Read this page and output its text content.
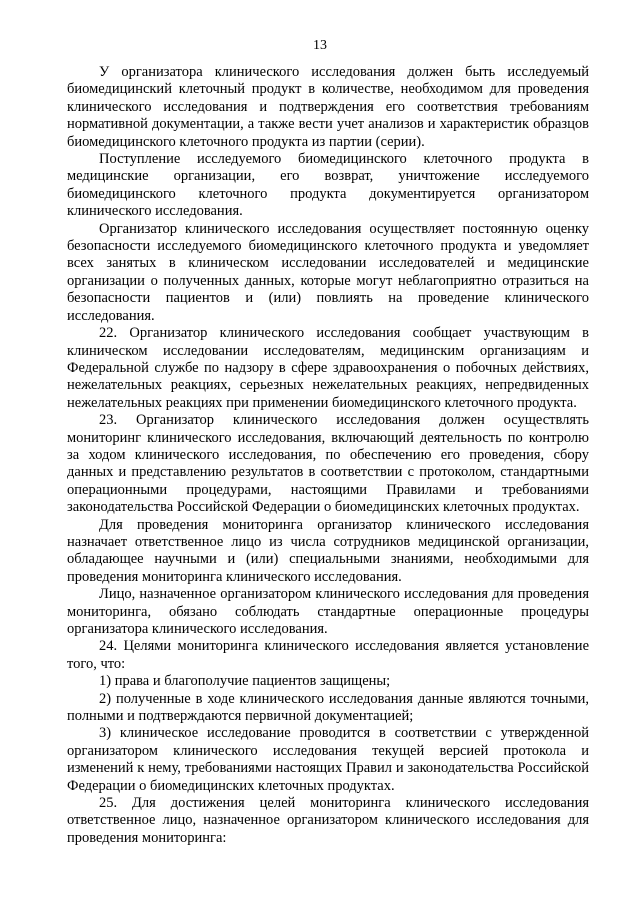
13

У организатора клинического исследования должен быть исследуемый биомедицинский клеточный продукт в количестве, необходимом для проведения клинического исследования и подтверждения его соответствия требованиям нормативной документации, а также вести учет анализов и характеристик образцов биомедицинского клеточного продукта из партии (серии).

Поступление исследуемого биомедицинского клеточного продукта в медицинские организации, его возврат, уничтожение исследуемого биомедицинского клеточного продукта документируется организатором клинического исследования.

Организатор клинического исследования осуществляет постоянную оценку безопасности исследуемого биомедицинского клеточного продукта и уведомляет всех занятых в клиническом исследовании исследователей и медицинские организации о полученных данных, которые могут неблагоприятно отразиться на безопасности пациентов и (или) повлиять на проведение клинического исследования.

22. Организатор клинического исследования сообщает участвующим в клиническом исследовании исследователям, медицинским организациям и Федеральной службе по надзору в сфере здравоохранения о побочных действиях, нежелательных реакциях, серьезных нежелательных реакциях, непредвиденных нежелательных реакциях при применении биомедицинского клеточного продукта.

23. Организатор клинического исследования должен осуществлять мониторинг клинического исследования, включающий деятельность по контролю за ходом клинического исследования, по обеспечению его проведения, сбору данных и представлению результатов в соответствии с протоколом, стандартными операционными процедурами, настоящими Правилами и требованиями законодательства Российской Федерации о биомедицинских клеточных продуктах.

Для проведения мониторинга организатор клинического исследования назначает ответственное лицо из числа сотрудников медицинской организации, обладающее научными и (или) специальными знаниями, необходимыми для проведения мониторинга клинического исследования.

Лицо, назначенное организатором клинического исследования для проведения мониторинга, обязано соблюдать стандартные операционные процедуры организатора клинического исследования.

24. Целями мониторинга клинического исследования является установление того, что:

1) права и благополучие пациентов защищены;

2) полученные в ходе клинического исследования данные являются точными, полными и подтверждаются первичной документацией;

3) клиническое исследование проводится в соответствии с утвержденной организатором клинического исследования текущей версией протокола и изменений к нему, требованиями настоящих Правил и законодательства Российской Федерации о биомедицинских клеточных продуктах.

25. Для достижения целей мониторинга клинического исследования ответственное лицо, назначенное организатором клинического исследования для проведения мониторинга:
